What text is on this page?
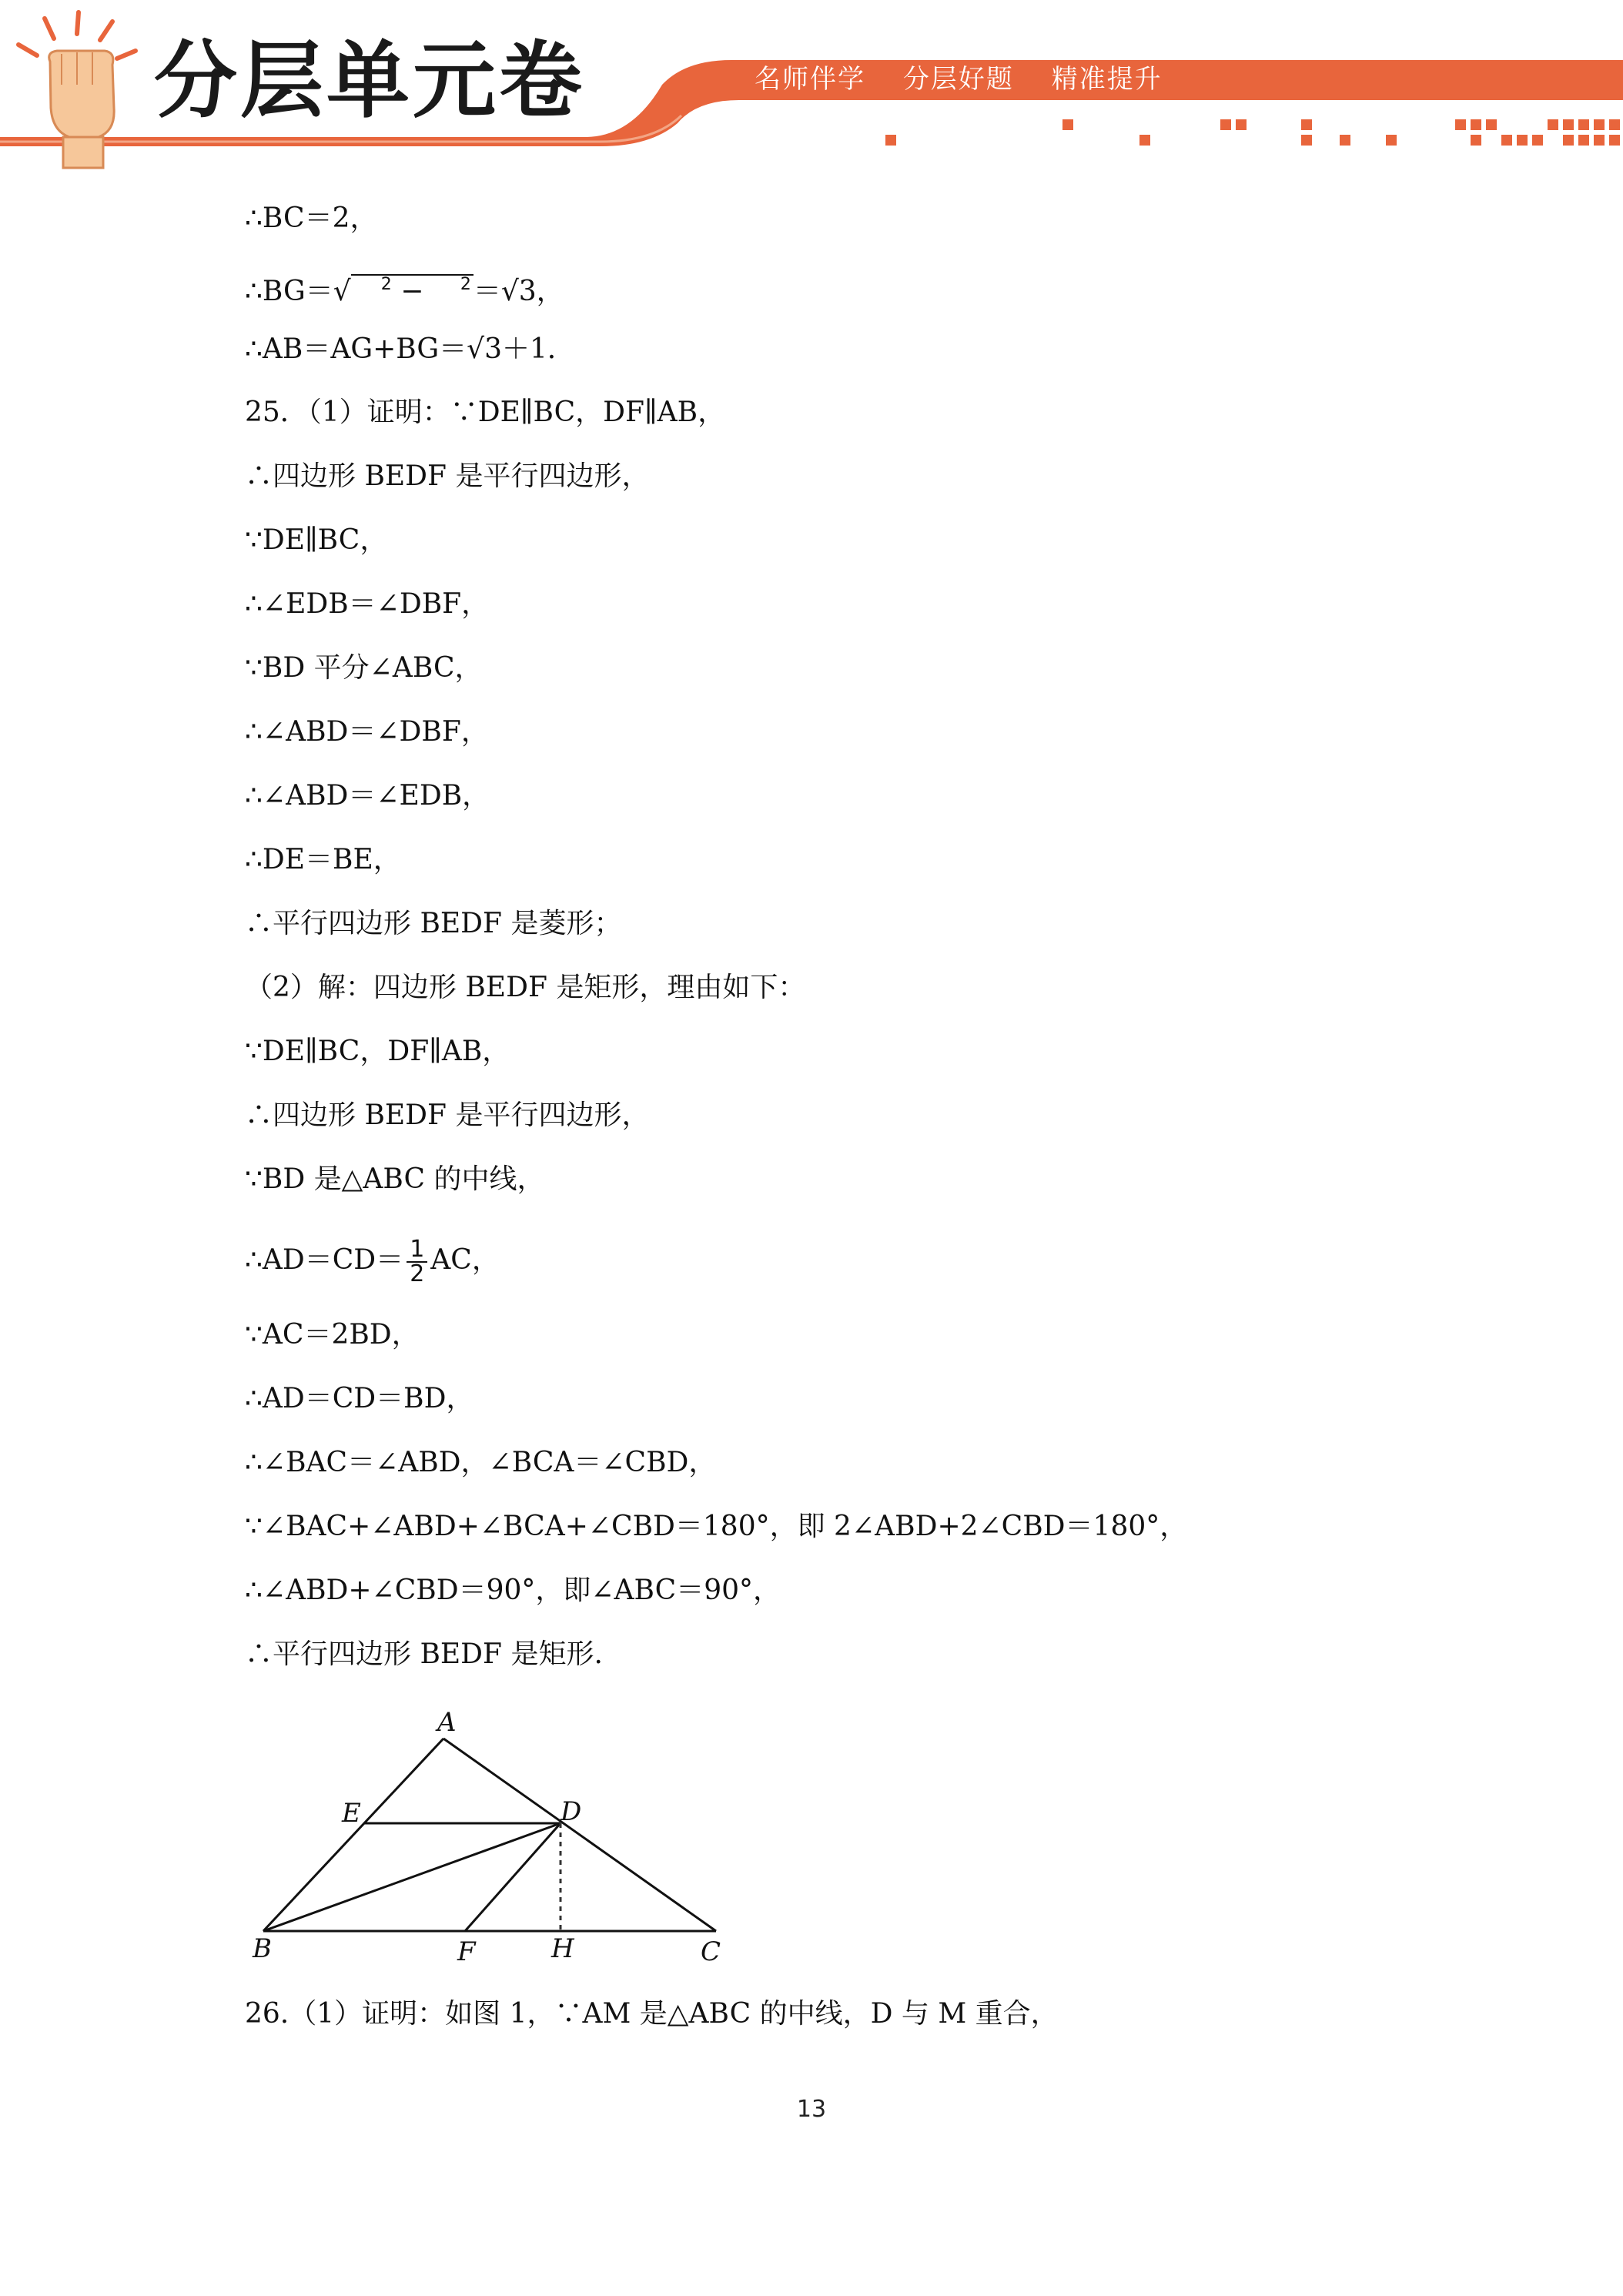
分层单元卷	名师伴学 分层好题 精准提升
∴BC＝2，
∴BG＝√  $^2$ −  $^2$＝√3，
∴AB＝AG+BG＝√3＋1．
25．（1）证明：∵DE∥BC，DF∥AB，
∴四边形 BEDF 是平行四边形，
∵DE∥BC，
∴∠EDB＝∠DBF，
∵BD 平分∠ABC，
∴∠ABD＝∠DBF，
∴∠ABD＝∠EDB，
∴DE＝BE，
∴平行四边形 BEDF 是菱形；
（2）解：四边形 BEDF 是矩形，理由如下：
∵DE∥BC，DF∥AB，
∴四边形 BEDF 是平行四边形，
∵BD 是△ABC 的中线，
∴AD＝CD＝ $\frac{1}{2}$ AC，
∵AC＝2BD，
∴AD＝CD＝BD，
∴∠BAC＝∠ABD，∠BCA＝∠CBD，
∵∠BAC+∠ABD+∠BCA+∠CBD＝180°，即 2∠ABD+2∠CBD＝180°，
∴∠ABD+∠CBD＝90°，即∠ABC＝90°，
∴平行四边形 BEDF 是矩形.
26.（1）证明：如图 1，∵AM 是△ABC 的中线，D 与 M 重合，
A
E	D
B	F	H	C
13
